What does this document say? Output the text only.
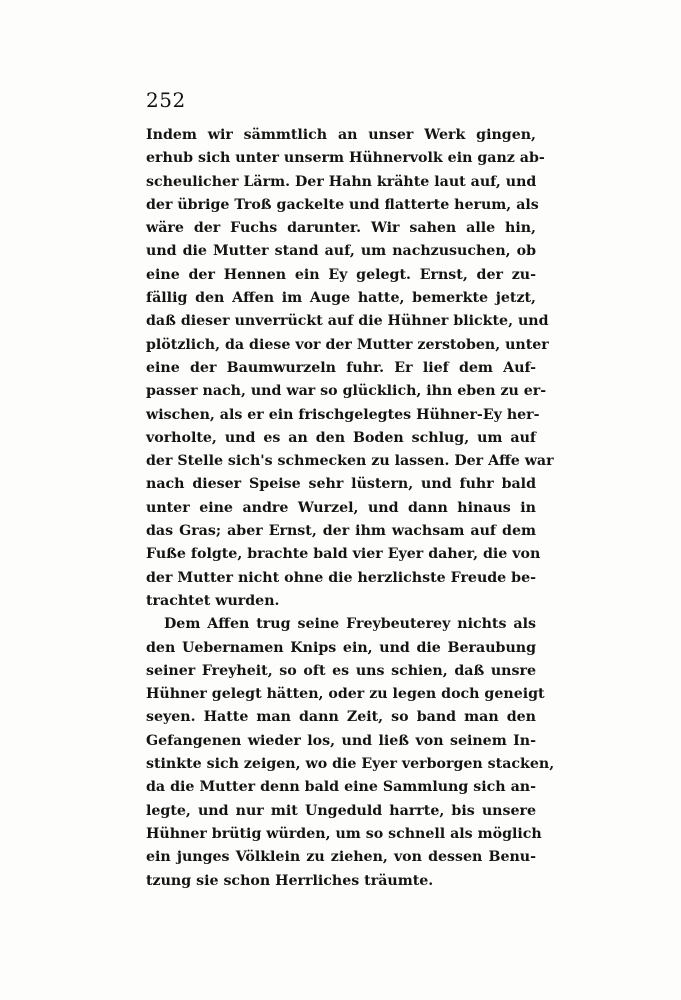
252
Indem wir sämmtlich an unser Werk gingen,
erhub sich unter unserm Hühnervolk ein ganz ab-
scheulicher Lärm. Der Hahn krähte laut auf, und
der übrige Troß gackelte und flatterte herum, als
wäre der Fuchs darunter. Wir sahen alle hin,
und die Mutter stand auf, um nachzusuchen, ob
eine der Hennen ein Ey gelegt. Ernst, der zu-
fällig den Affen im Auge hatte, bemerkte jetzt,
daß dieser unverrückt auf die Hühner blickte, und
plötzlich, da diese vor der Mutter zerstoben, unter
eine der Baumwurzeln fuhr. Er lief dem Auf-
passer nach, und war so glücklich, ihn eben zu er-
wischen, als er ein frischgelegtes Hühner-Ey her-
vorholte, und es an den Boden schlug, um auf
der Stelle sich's schmecken zu lassen. Der Affe war
nach dieser Speise sehr lüstern, und fuhr bald
unter eine andre Wurzel, und dann hinaus in
das Gras; aber Ernst, der ihm wachsam auf dem
Fuße folgte, brachte bald vier Eyer daher, die von
der Mutter nicht ohne die herzlichste Freude be-
trachtet wurden.
Dem Affen trug seine Freybeuterey nichts als
den Uebernamen Knips ein, und die Beraubung
seiner Freyheit, so oft es uns schien, daß unsre
Hühner gelegt hätten, oder zu legen doch geneigt
seyen. Hatte man dann Zeit, so band man den
Gefangenen wieder los, und ließ von seinem In-
stinkte sich zeigen, wo die Eyer verborgen stacken,
da die Mutter denn bald eine Sammlung sich an-
legte, und nur mit Ungeduld harrte, bis unsere
Hühner brütig würden, um so schnell als möglich
ein junges Völklein zu ziehen, von dessen Benu-
tzung sie schon Herrliches träumte.
